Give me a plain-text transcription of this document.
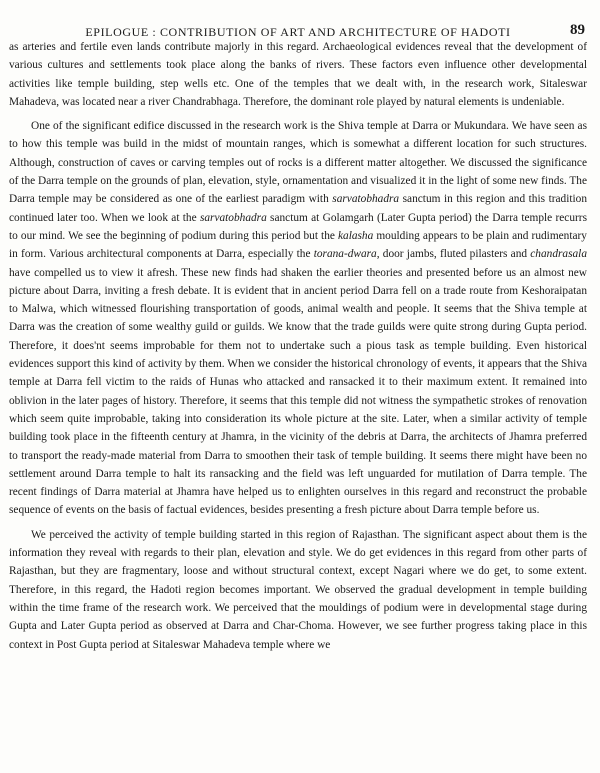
EPILOGUE : CONTRIBUTION OF ART AND ARCHITECTURE OF HADOTI	89

as arteries and fertile even lands contribute majorly in this regard. Archaeological evidences reveal that the development of various cultures and settlements took place along the banks of rivers. These factors even influence other developmental activities like temple building, step wells etc. One of the temples that we dealt with, in the research work, Sitaleswar Mahadeva, was located near a river Chandrabhaga. Therefore, the dominant role played by natural elements is undeniable.

One of the significant edifice discussed in the research work is the Shiva temple at Darra or Mukundara. We have seen as to how this temple was build in the midst of mountain ranges, which is somewhat a different location for such structures. Although, construction of caves or carving temples out of rocks is a different matter altogether. We discussed the significance of the Darra temple on the grounds of plan, elevation, style, ornamentation and visualized it in the light of some new finds. The Darra temple may be considered as one of the earliest paradigm with sarvatobhadra sanctum in this region and this tradition continued later too. When we look at the sarvatobhadra sanctum at Golamgarh (Later Gupta period) the Darra temple recurrs to our mind. We see the beginning of podium during this period but the kalasha moulding appears to be plain and rudimentary in form. Various architectural components at Darra, especially the torana-dwara, door jambs, fluted pilasters and chandrasala have compelled us to view it afresh. These new finds had shaken the earlier theories and presented before us an almost new picture about Darra, inviting a fresh debate. It is evident that in ancient period Darra fell on a trade route from Keshoraipatan to Malwa, which witnessed flourishing transportation of goods, animal wealth and people. It seems that the Shiva temple at Darra was the creation of some wealthy guild or guilds. We know that the trade guilds were quite strong during Gupta period. Therefore, it does'nt seems improbable for them not to undertake such a pious task as temple building. Even historical evidences support this kind of activity by them. When we consider the historical chronology of events, it appears that the Shiva temple at Darra fell victim to the raids of Hunas who attacked and ransacked it to their maximum extent. It remained into oblivion in the later pages of history. Therefore, it seems that this temple did not witness the sympathetic strokes of renovation which seem quite improbable, taking into consideration its whole picture at the site. Later, when a similar activity of temple building took place in the fifteenth century at Jhamra, in the vicinity of the debris at Darra, the architects of Jhamra preferred to transport the ready-made material from Darra to smoothen their task of temple building. It seems there might have been no settlement around Darra temple to halt its ransacking and the field was left unguarded for mutilation of Darra temple. The recent findings of Darra material at Jhamra have helped us to enlighten ourselves in this regard and reconstruct the probable sequence of events on the basis of factual evidences, besides presenting a fresh picture about Darra temple before us.

We perceived the activity of temple building started in this region of Rajasthan. The significant aspect about them is the information they reveal with regards to their plan, elevation and style. We do get evidences in this regard from other parts of Rajasthan, but they are fragmentary, loose and without structural context, except Nagari where we do get, to some extent. Therefore, in this regard, the Hadoti region becomes important. We observed the gradual development in temple building within the time frame of the research work. We perceived that the mouldings of podium were in developmental stage during Gupta and Later Gupta period as observed at Darra and Char-Choma. However, we see further progress taking place in this context in Post Gupta period at Sitaleswar Mahadeva temple where we
